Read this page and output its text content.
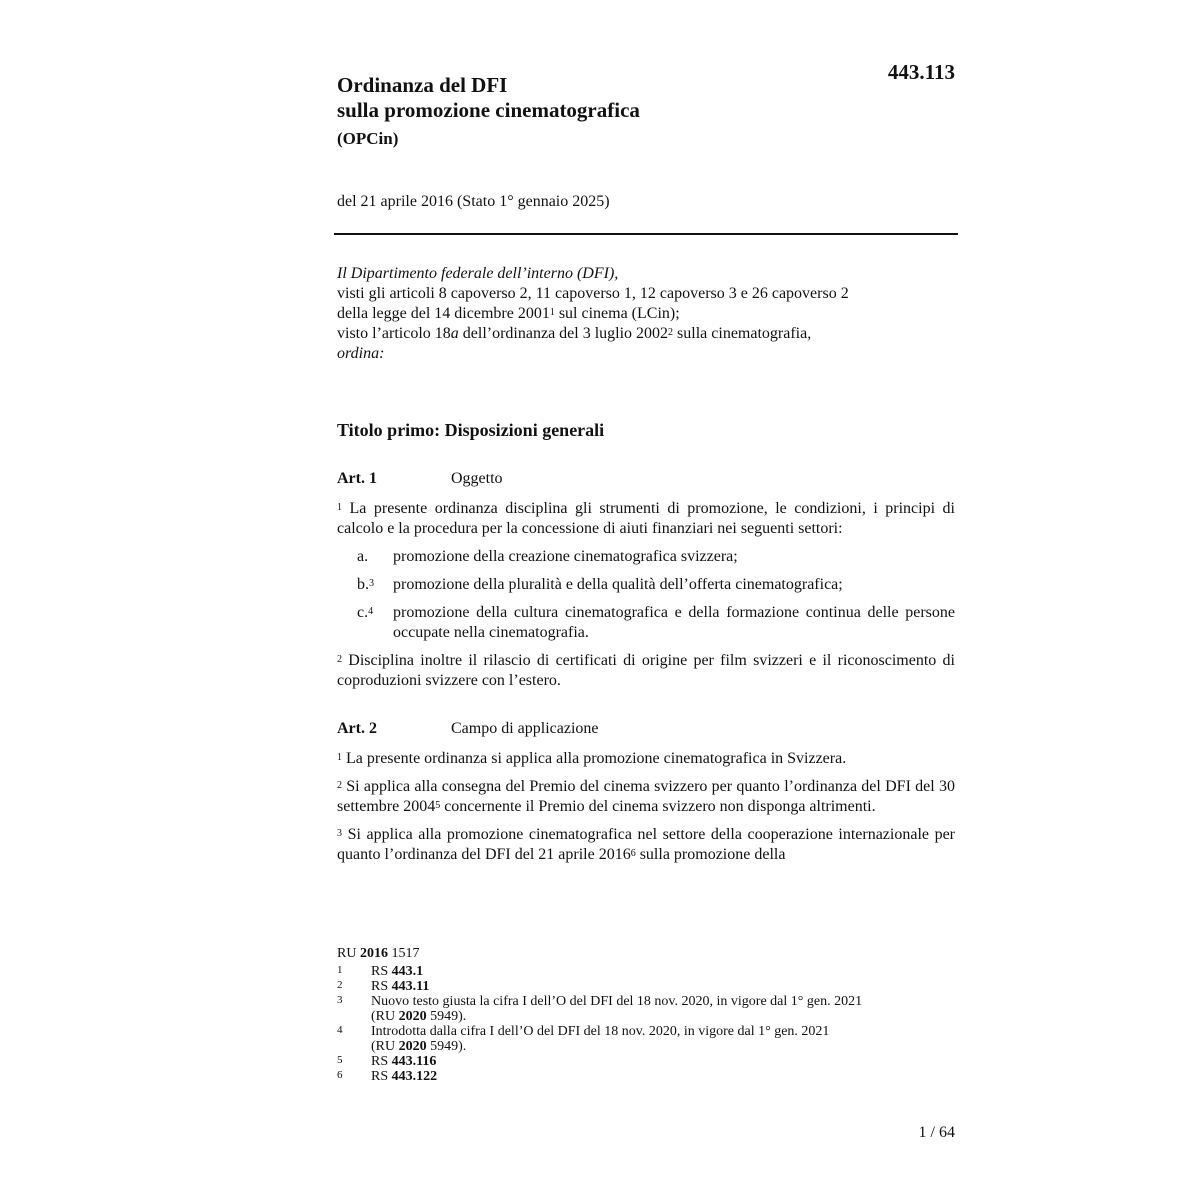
443.113
Ordinanza del DFI
sulla promozione cinematografica
(OPCin)
del 21 aprile 2016 (Stato 1° gennaio 2025)

Il Dipartimento federale dell’interno (DFI),

visti gli articoli 8 capoverso 2, 11 capoverso 1, 12 capoverso 3 e 26 capoverso 2

della legge del 14 dicembre 2001$^1$ sul cinema (LCin);

visto l’articolo 18a dell’ordinanza del 3 luglio 2002$^2$ sulla cinematografia,

ordina:

Titolo primo: Disposizioni generali
Art. 1	Oggetto

$^1$ La presente ordinanza disciplina gli strumenti di promozione, le condizioni, i principi di calcolo e la procedura per la concessione di aiuti finanziari nei seguenti settori:

a.	promozione della creazione cinematografica svizzera;
b.$^3$	promozione della pluralità e della qualità dell’offerta cinematografica;
c.$^4$	promozione della cultura cinematografica e della formazione continua delle persone occupate nella cinematografia.

$^2$ Disciplina inoltre il rilascio di certificati di origine per film svizzeri e il riconoscimento di coproduzioni svizzere con l’estero.

Art. 2	Campo di applicazione

$^1$ La presente ordinanza si applica alla promozione cinematografica in Svizzera.

$^2$ Si applica alla consegna del Premio del cinema svizzero per quanto l’ordinanza del DFI del 30 settembre 2004$^5$ concernente il Premio del cinema svizzero non disponga altrimenti.

$^3$ Si applica alla promozione cinematografica nel settore della cooperazione internazionale per quanto l’ordinanza del DFI del 21 aprile 2016$^6$ sulla promozione della

RU 2016 1517
1	RS 443.1
2	RS 443.11
3	Nuovo testo giusta la cifra I dell’O del DFI del 18 nov. 2020, in vigore dal 1° gen. 2021
(RU 2020 5949).
4	Introdotta dalla cifra I dell’O del DFI del 18 nov. 2020, in vigore dal 1° gen. 2021
(RU 2020 5949).
5	RS 443.116
6	RS 443.122
1 / 64
